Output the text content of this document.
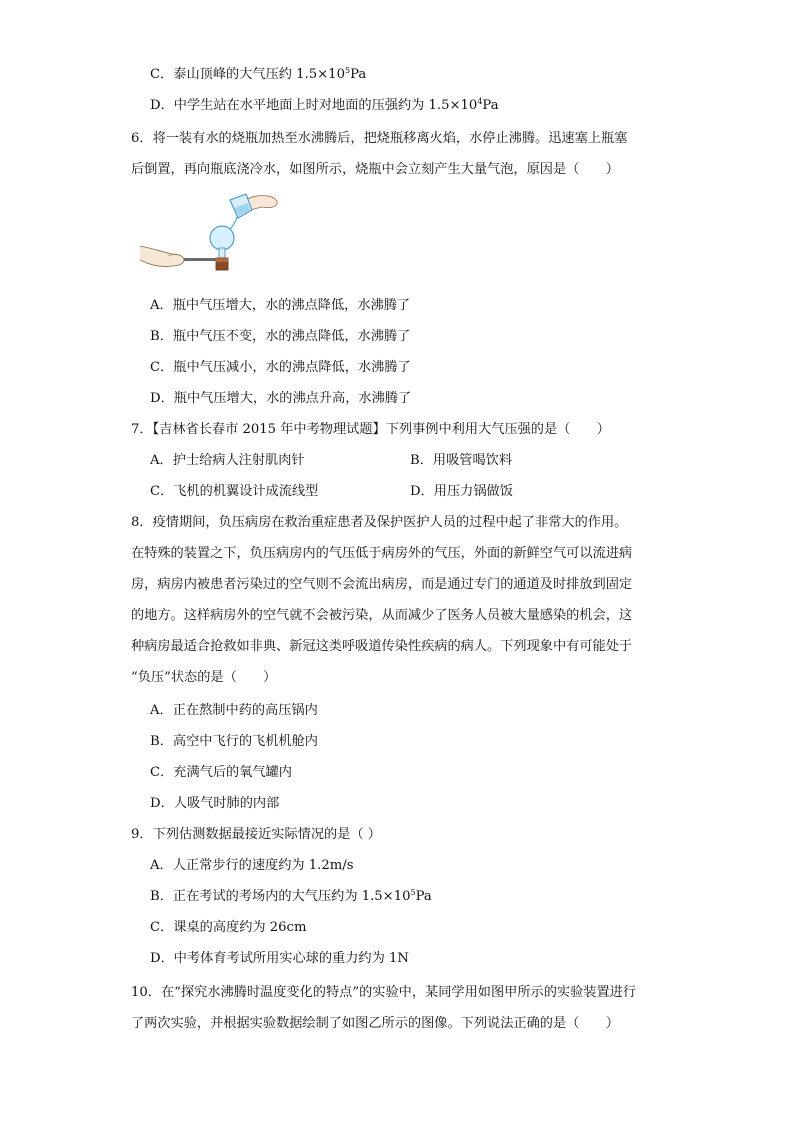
C．泰山顶峰的大气压约 $1.5\times 10^5Pa$
D．中学生站在水平地面上时对地面的压强约为 $1.5\times 10^4Pa$
6．将一装有水的烧瓶加热至水沸腾后，把烧瓶移离火焰，水停止沸腾。迅速塞上瓶塞
后倒置，再向瓶底浇冷水，如图所示，烧瓶中会立刻产生大量气泡，原因是（　　）
A．瓶中气压增大，水的沸点降低，水沸腾了
B．瓶中气压不变，水的沸点降低，水沸腾了
C．瓶中气压减小，水的沸点降低，水沸腾了
D．瓶中气压增大，水的沸点升高，水沸腾了
7．【吉林省长春市 2015 年中考物理试题】下列事例中利用大气压强的是（　　）
A．护士给病人注射肌肉针	B．用吸管喝饮料
C．飞机的机翼设计成流线型	D．用压力锅做饭
8．疫情期间，负压病房在救治重症患者及保护医护人员的过程中起了非常大的作用。
在特殊的装置之下，负压病房内的气压低于病房外的气压，外面的新鲜空气可以流进病
房，病房内被患者污染过的空气则不会流出病房，而是通过专门的通道及时排放到固定
的地方。这样病房外的空气就不会被污染，从而减少了医务人员被大量感染的机会，这
种病房最适合抢救如非典、新冠这类呼吸道传染性疾病的病人。下列现象中有可能处于
“负压”状态的是（　　）
A．正在熬制中药的高压锅内
B．高空中飞行的飞机机舱内
C．充满气后的氧气罐内
D．人吸气时肺的内部
9．下列估测数据最接近实际情况的是（ ）
A．人正常步行的速度约为 1.2m/s
B．正在考试的考场内的大气压约为 $1.5\times 10^5Pa$
C．课桌的高度约为 26cm
D．中考体育考试所用实心球的重力约为 1N
10．在“探究水沸腾时温度变化的特点”的实验中，某同学用如图甲所示的实验装置进行
了两次实验，并根据实验数据绘制了如图乙所示的图像。下列说法正确的是（　　）
